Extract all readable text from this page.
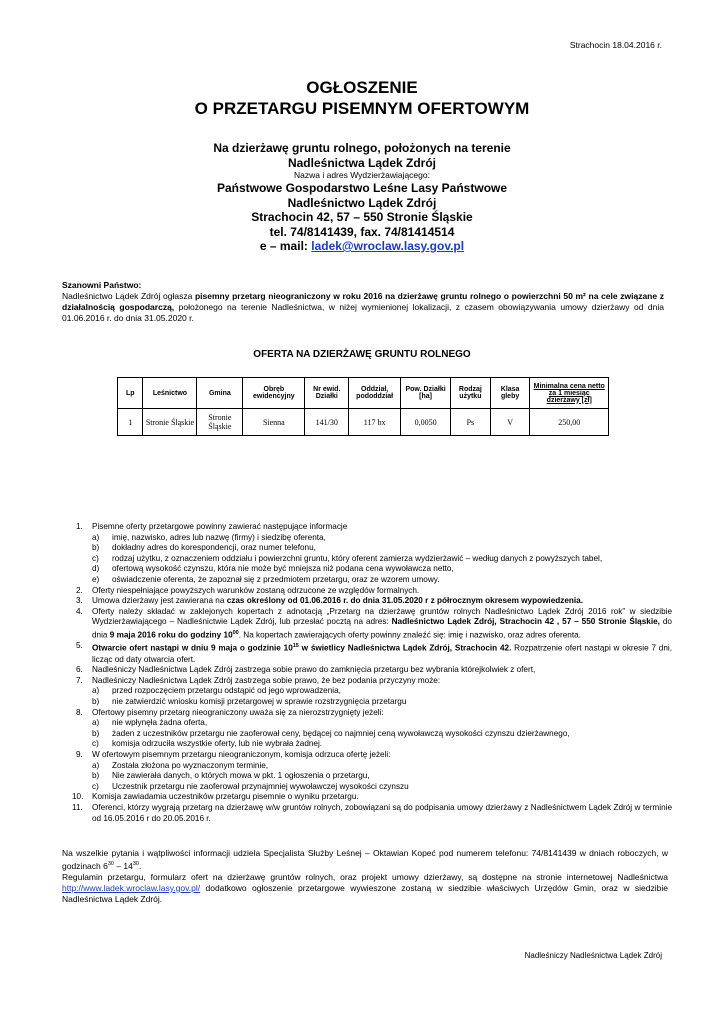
Strachocin 18.04.2016 r.
OGŁOSZENIE
O PRZETARGU PISEMNYM OFERTOWYM
Na dzierżawę gruntu rolnego, położonych na terenie
Nadleśnictwa Lądek Zdrój
Nazwa i adres Wydzierżawiającego:
Państwowe Gospodarstwo Leśne Lasy Państwowe
Nadleśnictwo Lądek Zdrój
Strachocin 42, 57 – 550 Stronie Śląskie
tel. 74/8141439, fax. 74/81414514
e – mail: ladek@wroclaw.lasy.gov.pl
Szanowni Państwo:
Nadleśnictwo Lądek Zdrój ogłasza pisemny przetarg nieograniczony w roku 2016 na dzierżawę gruntu rolnego o powierzchni 50 m² na cele związane z działalnością gospodarczą, położonego na terenie Nadleśnictwa, w niżej wymienionej lokalizacji, z czasem obowiązywania umowy dzierżawy od dnia 01.06.2016 r. do dnia 31.05.2020 r.
OFERTA NA DZIERŻAWĘ GRUNTU ROLNEGO
Lp	Leśnictwo	Gmina	Obręb ewidencyjny	Nr ewid. Działki	Oddział, pododdział	Pow. Działki [ha]	Rodzaj użytku	Klasa gleby	Minimalna cena netto za 1 miesiąc dzierżawy [zł]
1	Stronie Śląskie	Stronie Śląskie	Sienna	141/30	117 bx	0,0050	Ps	V	250,00
1. Pisemne oferty przetargowe powinny zawierać następujące informacje
a) imię, nazwisko, adres lub nazwę (firmy) i siedzibę oferenta,
b) dokładny adres do korespondencji, oraz numer telefonu,
c) rodzaj użytku, z oznaczeniem oddziału i powierzchni gruntu, który oferent zamierza wydzierżawić – według danych z powyższych tabel,
d) ofertową wysokość czynszu, która nie może być mniejsza niż podana cena wywoławcza netto,
e) oświadczenie oferenta, że zapoznał się z przedmiotem przetargu, oraz ze wzorem umowy.
2. Oferty niespełniające powyższych warunków zostaną odrzucone ze względów formalnych.
3. Umowa dzierżawy jest zawierana na czas określony od 01.06.2016 r. do dnia 31.05.2020 r z półrocznym okresem wypowiedzenia.
4. Oferty należy składać w zaklejonych kopertach z adnotacją „Przetarg na dzierżawę gruntów rolnych Nadleśnictwo Lądek Zdrój 2016 rok” w siedzibie Wydzierżawiającego – Nadleśnictwie Lądek Zdrój, lub przesłać pocztą na adres: Nadleśnictwo Lądek Zdrój, Strachocin 42 , 57 – 550 Stronie Śląskie, do dnia 9 maja 2016 roku do godziny $10^{00}$. Na kopertach zawierających oferty powinny znaleźć się: imię i nazwisko, oraz adres oferenta.
5. Otwarcie ofert nastąpi w dniu 9 maja o godzinie $10^{15}$ w świetlicy Nadleśnictwa Lądek Zdrój, Strachocin 42. Rozpatrzenie ofert nastąpi w okresie 7 dni, licząc od daty otwarcia ofert.
6. Nadleśniczy Nadleśnictwa Lądek Zdrój zastrzega sobie prawo do zamknięcia przetargu bez wybrania którejkolwiek z ofert,
7. Nadleśniczy Nadleśnictwa Lądek Zdrój zastrzega sobie prawo, że bez podania przyczyny może:
a) przed rozpoczęciem przetargu odstąpić od jego wprowadzenia,
b) nie zatwierdzić wniosku komisji przetargowej w sprawie rozstrzygnięcia przetargu
8. Ofertowy pisemny przetarg nieograniczony uważa się za nierozstrzygnięty jeżeli:
a) nie wpłynęła żadna oferta,
b) żaden z uczestników przetargu nie zaoferował ceny, będącej co najmniej ceną wywoławczą wysokości czynszu dzierżawnego,
c) komisja odrzuciła wszystkie oferty, lub nie wybrała żadnej.
9. W ofertowym pisemnym przetargu nieograniczonym, komisja odrzuca ofertę jeżeli:
a) Została złożona po wyznaczonym terminie,
b) Nie zawierała danych, o których mowa w pkt. 1 ogłoszenia o przetargu,
c) Uczestnik przetargu nie zaoferował przynajmniej wywoławczej wysokości czynszu
10. Komisja zawiadamia uczestników przetargu pisemnie o wyniku przetargu.
11. Oferenci, którzy wygrają przetarg na dzierżawę w/w gruntów rolnych, zobowiązani są do podpisania umowy dzierżawy z Nadleśnictwem Lądek Zdrój w terminie od 16.05.2016 r do 20.05.2016 r.
Na wszelkie pytania i wątpliwości informacji udziela Specjalista Służby Leśnej – Oktawian Kopeć pod numerem telefonu: 74/8141439 w dniach roboczych, w godzinach $6^{30} - 14^{30}$.
Regulamin przetargu, formularz ofert na dzierżawę gruntów rolnych, oraz projekt umowy dzierżawy, są dostępne na stronie internetowej Nadleśnictwa http://www.ladek.wroclaw.lasy.gov.pl/ dodatkowo ogłoszenie przetargowe wywieszone zostaną w siedzibie właściwych Urzędów Gmin, oraz w siedzibie Nadleśnictwa Lądek Zdrój.
Nadleśniczy Nadleśnictwa Lądek Zdrój
